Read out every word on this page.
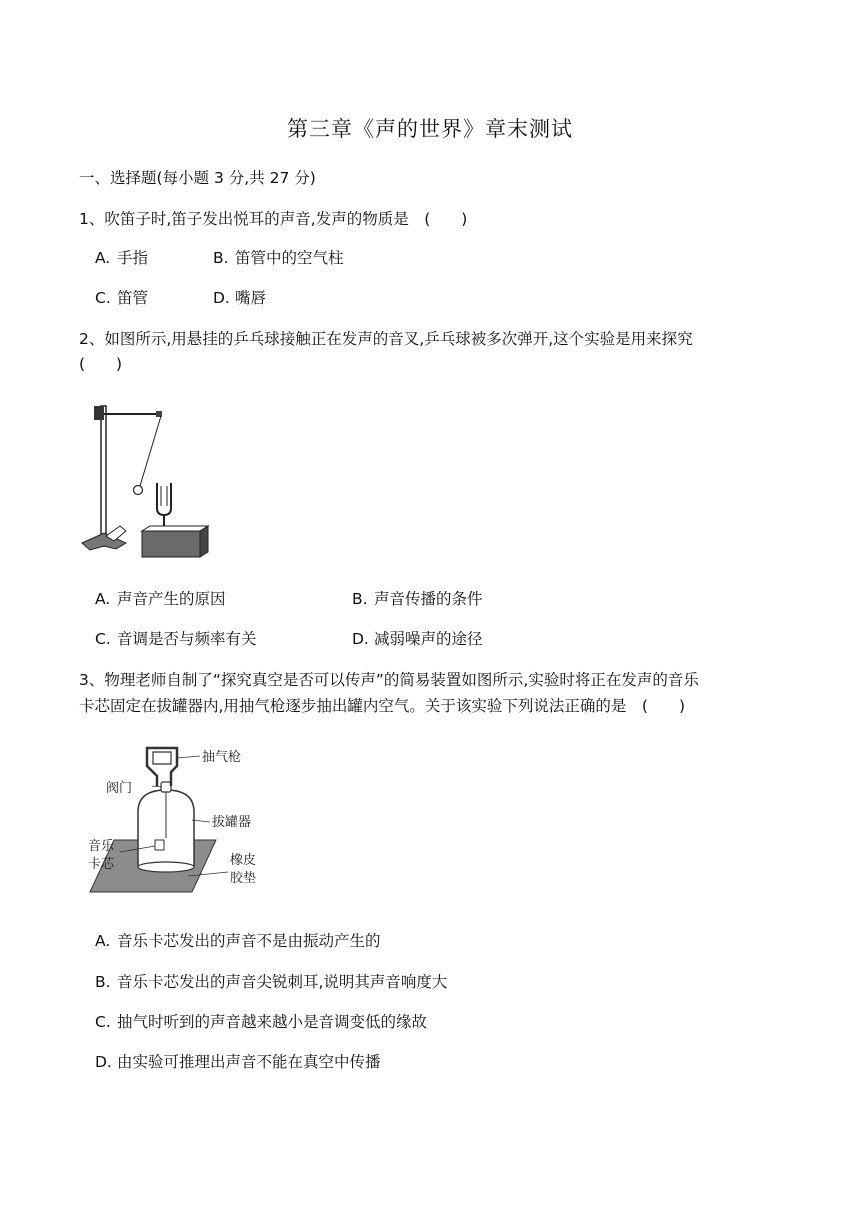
第三章《声的世界》章末测试
一、选择题(每小题 3 分,共 27 分)
1、吹笛子时,笛子发出悦耳的声音,发声的物质是　(　　)
A. 手指	B. 笛管中的空气柱
C. 笛管	D. 嘴唇
2、如图所示,用悬挂的乒乓球接触正在发声的音叉,乒乓球被多次弹开,这个实验是用来探究
(　　)
A. 声音产生的原因	B. 声音传播的条件
C. 音调是否与频率有关	D. 减弱噪声的途径
3、物理老师自制了“探究真空是否可以传声”的简易装置如图所示,实验时将正在发声的音乐
卡芯固定在拔罐器内,用抽气枪逐步抽出罐内空气。关于该实验下列说法正确的是　(　　)
抽气枪
阀门
拔罐器
音乐
卡芯	橡皮
胶垫
A. 音乐卡芯发出的声音不是由振动产生的
B. 音乐卡芯发出的声音尖锐刺耳,说明其声音响度大
C. 抽气时听到的声音越来越小是音调变低的缘故
D. 由实验可推理出声音不能在真空中传播
